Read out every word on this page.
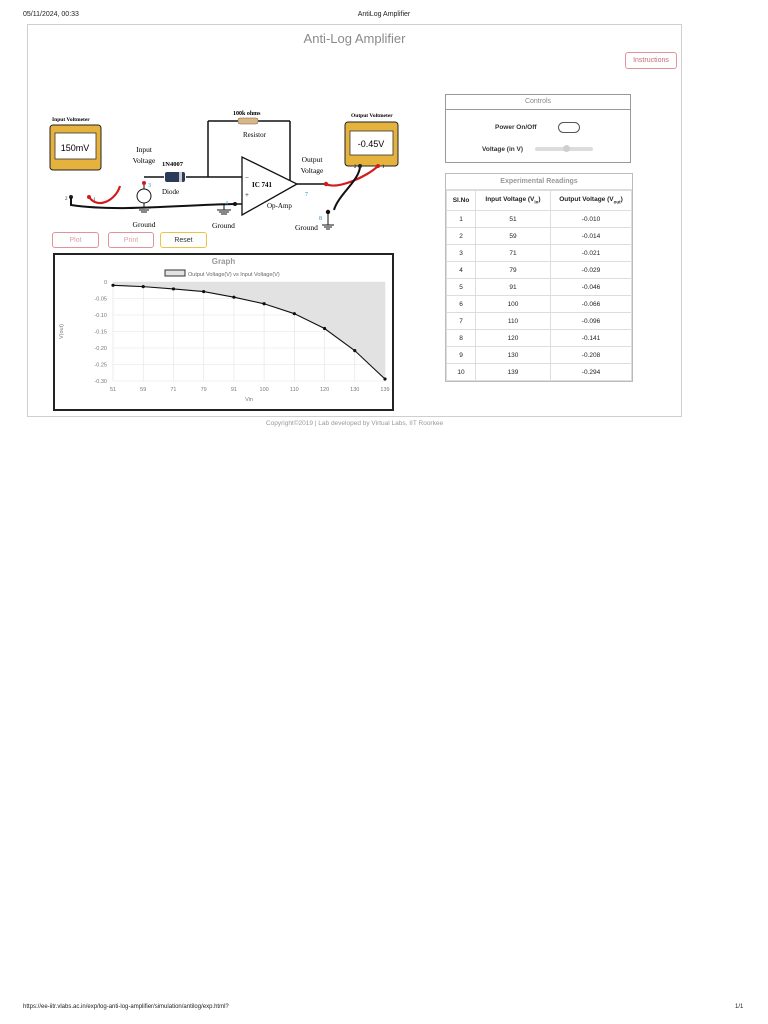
05/11/2024, 00:33	AntiLog Amplifier
https://ee-iitr.vlabs.ac.in/exp/log-anti-log-amplifier/simulation/antilog/exp.html?	1/1
Anti-Log Amplifier
Instructions
Input Voltmeter
150mV
2	1
Input
Voltage
3
Ground
1N4007
Diode
100k ohms
Resistor
−
+
IC 741
Op-Amp
4
Ground
Output
Voltage
7
8
Ground
Output Voltmeter
-0.45V
2	1
Controls
Power On/Off
Voltage (in V)
Experimental Readings
Sl.No	Input Voltage $(V_{in})$	Output Voltage $(V_{out})$
1	51	-0.010
2	59	-0.014
3	71	-0.021
4	79	-0.029
5	91	-0.046
6	100	-0.066
7	110	-0.096
8	120	-0.141
9	130	-0.208
10	139	-0.294
Plot	Print	Reset
Graph
Output Voltage(V) vs Input Voltage(V)
0
-0.05
-0.10
-0.15
-0.20
-0.25
-0.30
51	59	71	79	91	100	110	120	130	139
Vin
V(out)
Copyright©2019 | Lab developed by Virtual Labs, IIT Roorkee
